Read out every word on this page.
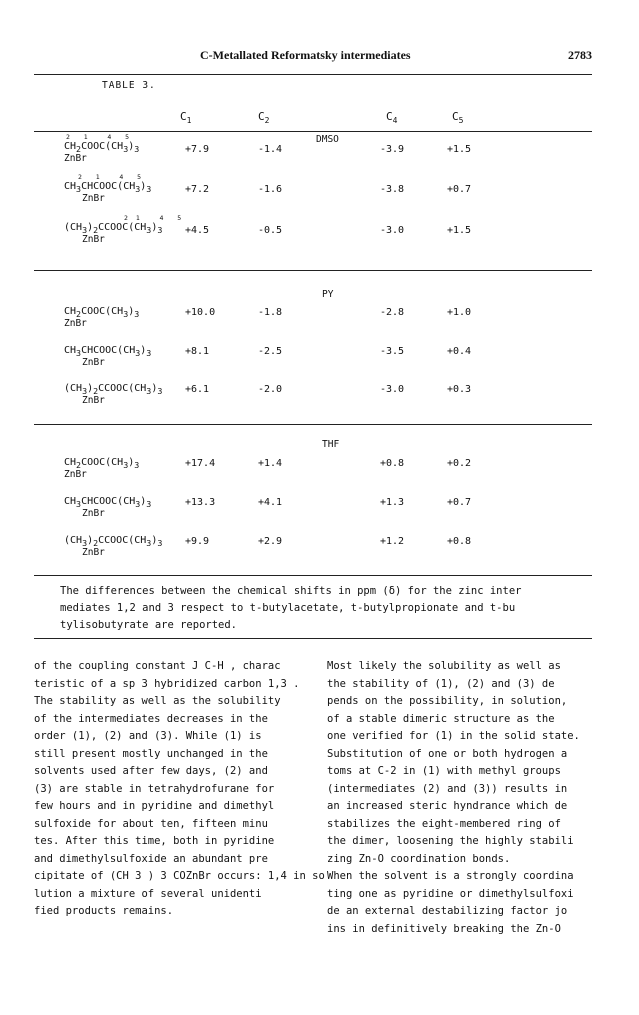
C-Metallated Reformatsky intermediates	2783
TABLE 3.
$C_1$	$C_2$	$C_4$	$C_5$
DMSO
2  1   4  5
$CH_2COOC(CH_3)_3$
ZnBr
+7.9	-1.4	-3.9	+1.5
2  1   4  5
$CH_3CHCOOC(CH_3)_3$
ZnBr
+7.2	-1.6	-3.8	+0.7
2 1   4  5
$(CH_3)_2CCOOC(CH_3)_3$
ZnBr
+4.5	-0.5	-3.0	+1.5
PY
$CH_2COOC(CH_3)_3$
ZnBr
+10.0	-1.8	-2.8	+1.0
$CH_3CHCOOC(CH_3)_3$
ZnBr
+8.1	-2.5	-3.5	+0.4
$(CH_3)_2CCOOC(CH_3)_3$
ZnBr
+6.1	-2.0	-3.0	+0.3
THF
$CH_2COOC(CH_3)_3$
ZnBr
+17.4	+1.4	+0.8	+0.2
$CH_3CHCOOC(CH_3)_3$
ZnBr
+13.3	+4.1	+1.3	+0.7
$(CH_3)_2CCOOC(CH_3)_3$
ZnBr
+9.9	+2.9	+1.2	+0.8
The differences between the chemical shifts in ppm (δ) for the zinc inter
mediates 1,2 and 3 respect to t-butylacetate, t-butylpropionate and t-bu
tylisobutyrate are reported.
of the coupling constant J C-H , charac
teristic of a sp 3 hybridized carbon 1,3 .
The stability as well as the solubility
of the intermediates decreases in the
order (1), (2) and (3). While (1) is
still present mostly unchanged in the
solvents used after few days, (2) and
(3) are stable in tetrahydrofurane for
few hours and in pyridine and dimethyl
sulfoxide for about ten, fifteen minu
tes. After this time, both in pyridine
and dimethylsulfoxide an abundant pre
cipitate of (CH 3 ) 3 COZnBr occurs: 1,4 in so
lution a mixture of several unidenti
fied products remains.
Most likely the solubility as well as
the stability of (1), (2) and (3) de
pends on the possibility, in solution,
of a stable dimeric structure as the
one verified for (1) in the solid state.
Substitution of one or both hydrogen a
toms at C-2 in (1) with methyl groups
(intermediates (2) and (3)) results in
an increased steric hyndrance which de
stabilizes the eight-membered ring of
the dimer, loosening the highly stabili
zing Zn-O coordination bonds.
When the solvent is a strongly coordina
ting one as pyridine or dimethylsulfoxi
de an external destabilizing factor jo
ins in definitively breaking the Zn-O
